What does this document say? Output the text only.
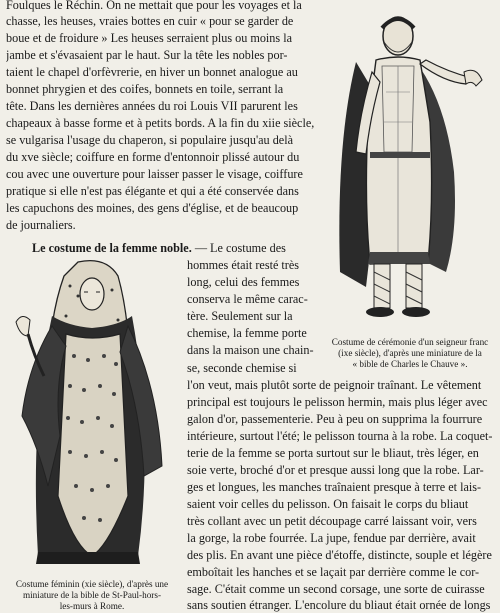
Foulques le Réchin. On ne mettait que pour les voyages et la
chasse, les heuses, vraies bottes en cuir « pour se garder de
boue et de froidure » Les heuses serraient plus ou moins la
jambe et s'évasaient par le haut. Sur la tête les nobles por-
taient le chapel d'orfèvrerie, en hiver un bonnet analogue au
bonnet phrygien et des coifes, bonnets en toile, serrant la
tête. Dans les dernières années du roi Louis VII parurent les
chapeaux à basse forme et à petits bords. A la fin du xiie siècle,
se vulgarisa l'usage du chaperon, si populaire jusqu'au delà
du xve siècle; coiffure en forme d'entonnoir plissé autour du
cou avec une ouverture pour laisser passer le visage, coiffure
pratique si elle n'est pas élégante et qui a été conservée dans
les capuchons des moines, des gens d'église, et de beaucoup
de journaliers.
Le costume de la femme noble. — Le costume des
hommes était resté très
long, celui des femmes
conserva le même carac-
tère. Seulement sur la
chemise, la femme porte
dans la maison une chain-
se, seconde chemise si
l'on veut, mais plutôt sorte de peignoir traînant. Le vêtement
principal est toujours le pelisson hermin, mais plus léger avec
galon d'or, passementerie. Peu à peu on supprima la fourrure
intérieure, surtout l'été; le pelisson tourna à la robe. La coquet-
terie de la femme se porta surtout sur le bliaut, très léger, en
soie verte, broché d'or et presque aussi long que la robe. Lar-
ges et longues, les manches traînaient presque à terre et lais-
saient voir celles du pelisson. On faisait le corps du bliaut
très collant avec un petit découpage carré laissant voir, vers
la gorge, la robe fourrée. La jupe, fendue par derrière, avait
des plis. En avant une pièce d'étoffe, distincte, souple et légère
emboîtait les hanches et se laçait par derrière comme le cor-
sage. C'était comme un second corsage, une sorte de cuirasse
sans soutien étranger. L'encolure du bliaut était ornée de longs
Costume de cérémonie d'un seigneur franc
(ixe siècle), d'après une miniature de la
« bible de Charles le Chauve ».
Costume féminin (xie siècle), d'après une
miniature de la bible de St-Paul-hors-
les-murs à Rome.
